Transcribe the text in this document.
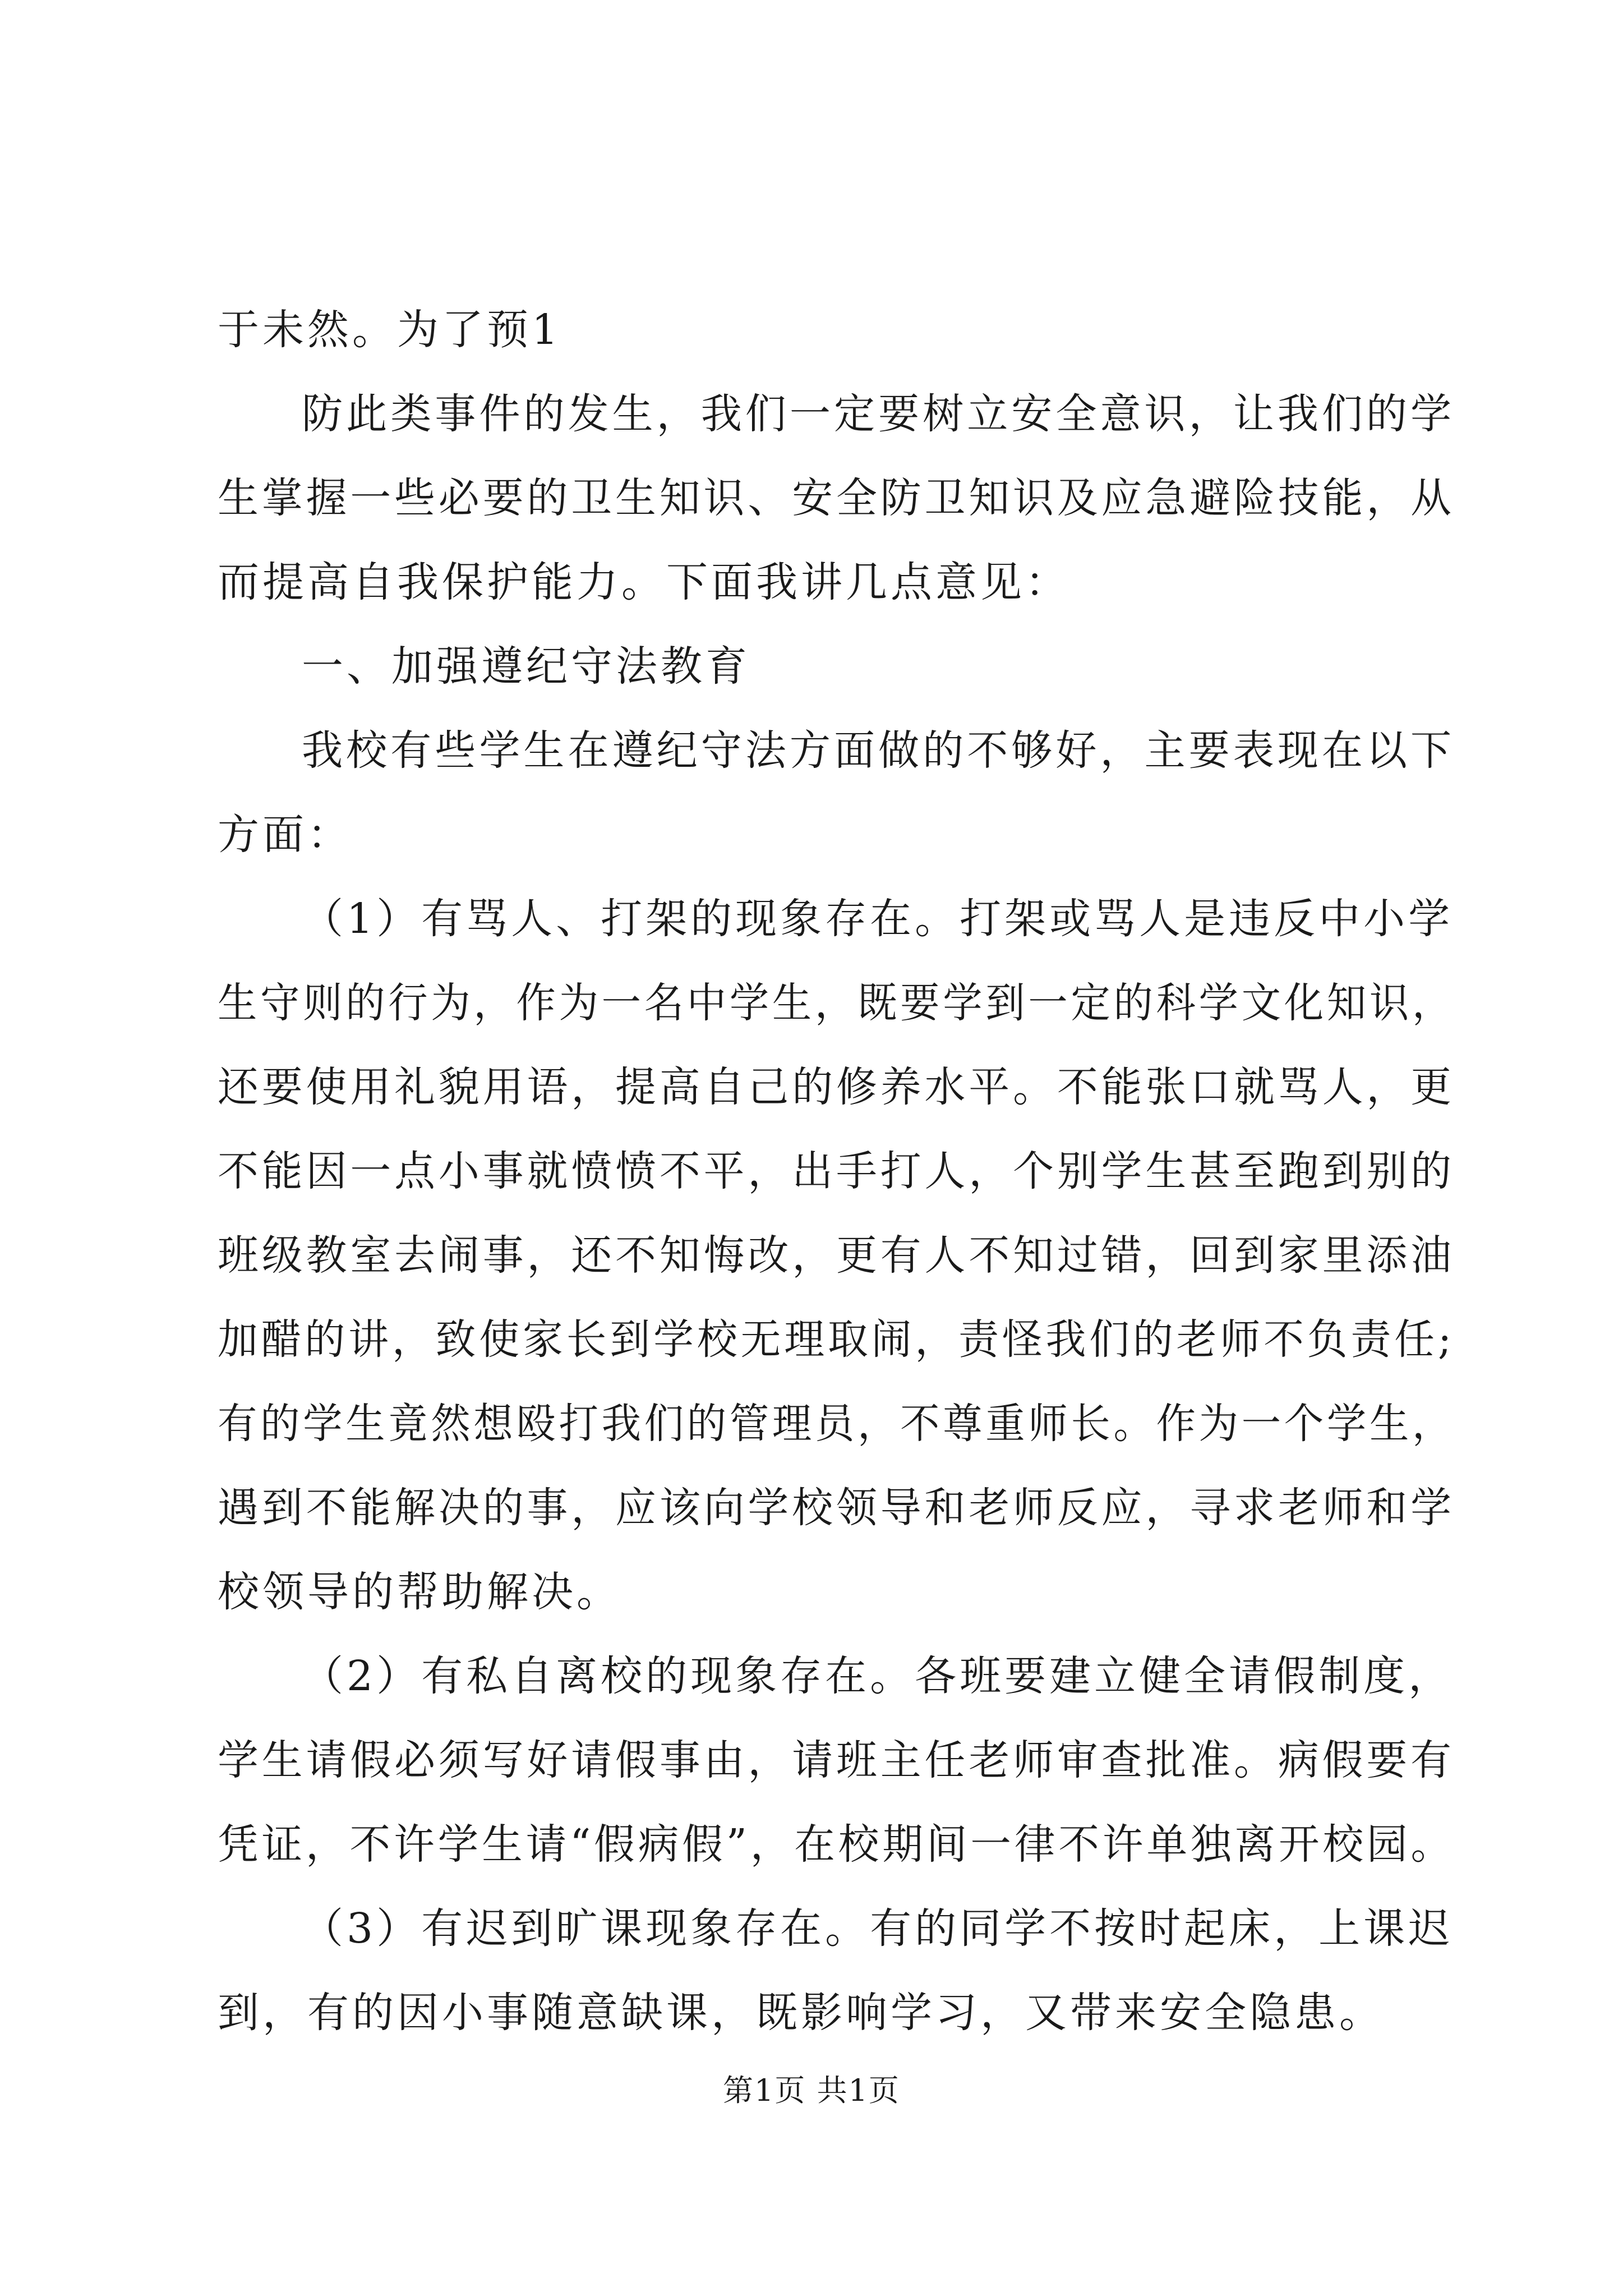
于未然。为了预1
防此类事件的发生，我们一定要树立安全意识，让我们的学
生掌握一些必要的卫生知识、安全防卫知识及应急避险技能，从
而提高自我保护能力。下面我讲几点意见：
一、加强遵纪守法教育
我校有些学生在遵纪守法方面做的不够好，主要表现在以下
方面：
（1）有骂人、打架的现象存在。打架或骂人是违反中小学
生守则的行为，作为一名中学生，既要学到一定的科学文化知识，
还要使用礼貌用语，提高自己的修养水平。不能张口就骂人，更
不能因一点小事就愤愤不平，出手打人，个别学生甚至跑到别的
班级教室去闹事，还不知悔改，更有人不知过错，回到家里添油
加醋的讲，致使家长到学校无理取闹，责怪我们的老师不负责任;
有的学生竟然想殴打我们的管理员，不尊重师长。作为一个学生，
遇到不能解决的事，应该向学校领导和老师反应，寻求老师和学
校领导的帮助解决。
（2）有私自离校的现象存在。各班要建立健全请假制度，
学生请假必须写好请假事由，请班主任老师审查批准。病假要有
凭证，不许学生请“假病假”，在校期间一律不许单独离开校园。
（3）有迟到旷课现象存在。有的同学不按时起床，上课迟
到，有的因小事随意缺课，既影响学习，又带来安全隐患。
第1页 共1页
